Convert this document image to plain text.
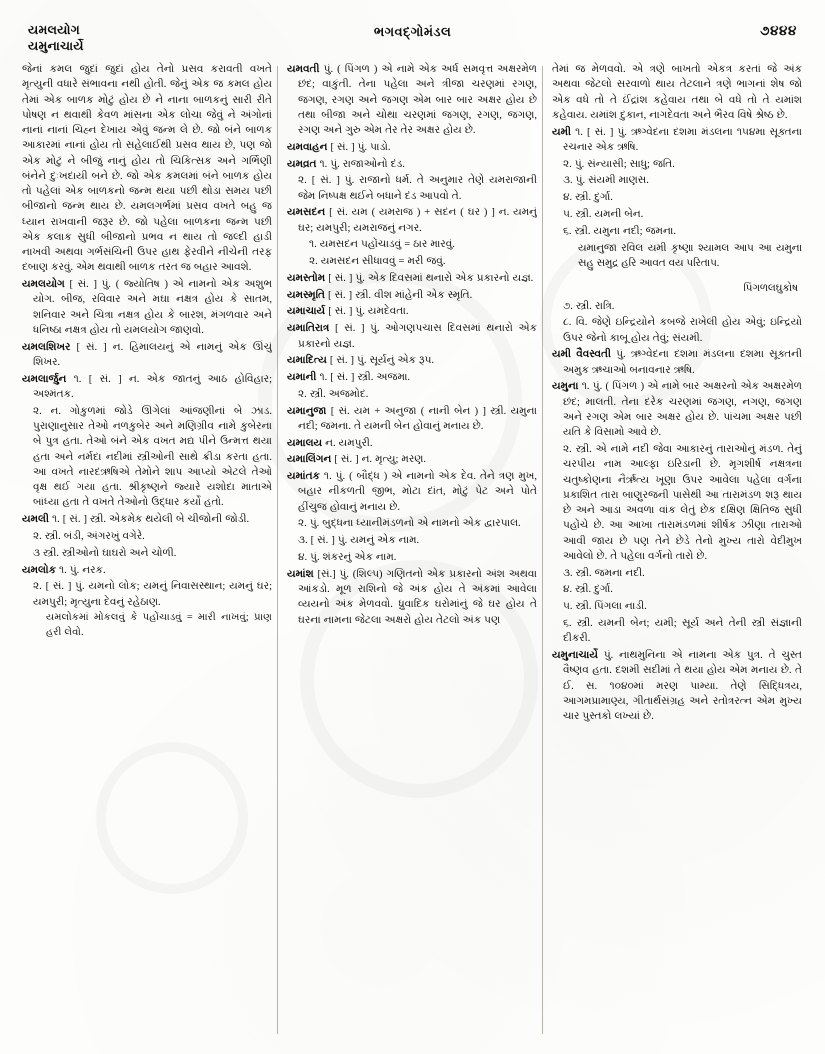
યમલયોગ
યમુનાચાર્યે
ભગવદ્ગોમંડલ	૭૪૪૪

જેનાં કમલ જુદાં જુદાં હોય તેનો પ્રસવ કરાવતી વખતે મૃત્યુની વધારે સંભાવના નથી હોતી. જેનું એક જ કમલ હોય તેમાં એક બાળક મોટું હોય છે ને નાના બાળકનું સારી રીતે પોષણ ન થવાથી કેવળ માંસના એક લોચા જેવું ને અંગોનાં નાનાં નાનાં ચિહ્ન દેખાય એવું જન્મ લે છે. જો બંને બાળક આકારમાં નાનાં હોય તો સહેલાઈથી પ્રસવ થાય છે, પણ જો એક મોટું ને બીજું નાનું હોય તો ચિકિત્સક અને ગર્ભિણી બંનેને દુઃખદાયી બને છે. જો એક કમલમાં બંને બાળક હોય તો પહેલાં એક બાળકનો જન્મ થયા પછી થોડા સમય પછી બીજાનો જન્મ થાય છે. યમલગર્ભમાં પ્રસવ વખતે બહુ જ ધ્યાન રાખવાની જરૂર છે. જો પહેલા બાળકના જન્મ પછી એક કલાક સુધી બીજાનો પ્રભવ ન થાય તો જલ્દી હાડી નાખવી અથવા ગર્ભસંચિની ઉપર હાથ ફેરવીને નીચેની તરફ દબાણ કરવું. એમ થવાથી બાળક તરત જ બહાર આવશે.

યમલયોગ [ સં. ] પું. ( જ્યોતિષ ) એ નામનો એક અશુભ યોગ. બીજ, રવિવાર અને મઘા નક્ષત્ર હોય કે સાતમ, શનિવાર અને ચિત્રા નક્ષત્ર હોય કે બારશ, મંગળવાર અને ધનિષ્ઠા નક્ષત્ર હોય તો યમલયોગ જાણવો.

યમલશિખર [ સં. ] ન. હિમાલયનું એ નામનું એક ઊંચું શિખર.

યમલાર્જુન ૧. [ સં. ] ન. એક જાતનું આઠ હોવિહાર; અશ્મંતક.

૨. ન. ગોકુળમાં જોડે ઊગેલાં આંજણીનાં બે ઝાડ. પુરાણાનુસાર તેઓ નળકુબેર અને મણિગ્રીવ નામે કુબેરના બે પુત્ર હતા. તેઓ બંને એક વખત મદ્ય પીને ઉન્મત્ત થયા હતા અને નર્મદા નદીમાં સ્ત્રીઓની સાથે ક્રીડા કરતા હતા. આ વખતે નારદઋષિએ તેમોને શાપ આપ્યો એટલે તેઓ વૃક્ષ થઈ ગયા હતા. શ્રીકૃષ્ણને જ્યારે યશોદા માતાએ બાંધ્યા હતા તે વખતે તેઓનો ઉદ્ધાર કર્યો હતો.

યમલી ૧. [ સં. ] સ્ત્રી. એકમેક થયેલી બે ચીજોની જોડી.

૨. સ્ત્રી. બંડી, અંગરખું વગેરે.

૩ સ્ત્રી. સ્ત્રીઓનો ઘાઘરો અને ચોળી.

યમલોક ૧. પું. નરક.

૨. [ સં. ] પું. યમનો લોક; યમનું નિવાસસ્થાન; યમનું ઘર; યમપુરી; મૃત્યુના દેવનું રહેઠાણ.

યમલોકમાં મોકલવું કે પહોંચાડવું = મારી નાખવું; પ્રાણ હરી લેવો.

યમવતી પું. ( પિંગળ ) એ નામે એક અર્ધ સમવૃત્ત અક્ષરમેળ છંદ; વાકુંતી. તેના પહેલા અને ત્રીજા ચરણમાં રગણ, જગણ, રગણ અને જગણ એમ બાર બાર અક્ષર હોય છે તથા બીજા અને ચોથા ચરણમાં જગણ, રગણ, જગણ, રગણ અને ગુરુ એમ તેર તેર અક્ષર હોય છે.

યમવાહન [ સં. ] પું. પાડો.

યમવ્રત ૧. પું. રાજાઓનો દંડ.

૨. [ સં. ] પું. રાજાનો ધર્મ. તે અનુમાર તેણે યમરાજાની જેમ નિષ્પક્ષ થઈને બધાને દંડ આપવો તે.

યમસદન [ સં. યમ ( યમરાજ ) + સદન ( ઘર ) ] ન. યમનું ઘર; યમપુરી; યમરાજનું નગર.

૧. યમસદન પહોંચાડવું = ઠાર મારવું.

૨. યમસદન સીધાવવું = મરી જવું.

યમસ્તોમ [ સં. ] પું. એક દિવસમાં થનારો એક પ્રકારનો યજ્ઞ.

યમસ્મૃતિ [ સં. ] સ્ત્રી. વીશ માંહેની એક સ્મૃતિ.

યમાચાર્ય [ સં. ] પું. યમદેવતા.

યમાતિરાત્ર [ સં. ] પું. ઓગણપચાસ દિવસમાં થનારો એક પ્રકારનો યજ્ઞ.

યમાદિત્ય [ સં. ] પું. સૂર્યનું એક રૂપ.

યમાની ૧. [ સં. ] સ્ત્રી. અજમા.

૨. સ્ત્રી. અજમોદ.

યમાનુજા [ સં. યમ + અનુજા ( નાની બેન ) ] સ્ત્રી. યમુના નદી; જમના. તે યમની બેન હોવાનું મનાય છે.

યમાલય ન. યમપુરી.

યમાલિંગન [ સં. ] ન. મૃત્યુ; મરણ.

યમાંતક ૧. પું. ( બૌદ્ધ ) એ નામનો એક દેવ. તેને ત્રણ મુખ, બહાર નીકળતી જીભ, મોટા દાંત, મોટું પેટ અને પોતે હીંચુજ હોવાનું મનાય છે.

૨. પું. બુદ્ધના ધ્યાનીમંડળનો એ નામનો એક દ્વારપાલ.

૩. [ સં. ] પું. યમનું એક નામ.

૪. પું. શંકરનું એક નામ.

યમાંશ [સં.] પું. (શિલ્પ) ગણિતનો એક પ્રકારનો અંશ અથવા આંકડો. મૂળ રાશિનો જે અંક હોય તે અંકમાં આવેલા વ્યયનો અંક મેળવવો. ધ્રુવાદિક ઘરોમાંનું જે ઘર હોય તે ઘરના નામના જેટલા અક્ષરો હોય તેટલો અંક પણ

તેમાં જ મેળવવો. એ ત્રણે બાખતો એકત્ર કરતાં જે અંક અથવા જેટલો સરવાળો થાય તેટલાને ત્રણે ભાગનાં શેષ જો એક વધે તો તે ઈંદ્રાંશ કહેવાય તથા બે વધે તો તે યમાંશ કહેવાય. યમાંશ દુકાન, નાગદેવતા અને ભૈરવ વિષે શ્રેષ્ઠ છે.

યમી ૧. [ સં. ] પું. ઋગ્વેદના દશમા મંડલના ૧૫૪મા સૂક્તના રચનાર એક ઋષિ.

૨. પું. સંન્યાસી; સાધુ; જતિ.

૩. પું. સંયમી માણસ.

૪. સ્ત્રી. દુર્ગા.

૫. સ્ત્રી. યમની બેન.

૬. સ્ત્રી. યમુના નદી; જમના.

યમાનુજા રવિલ યમી કૃષ્ણા શ્યામલ આપ આ યમુના સહુ સમુદ્ર હરિ આવત વય પરિતાપ.

પિંગળલઘુકોષ

૭. સ્ત્રી. રાત્રિ.

૮. વિ. જેણે ઇન્દ્રિયોને કબજે રાખેલી હોય એવું; ઇન્દ્રિયો ઉપર જેનો કાબૂ હોય તેવું; સંયમી.

યમી વૈવસ્વતી પું. ઋગ્વેદના દશમા મંડલના દશમા સૂક્તની અમુક ઋચાઓ બનાવનાર ઋષિ.

યમુના ૧. પું. ( પિંગળ ) એ નામે બાર અક્ષરનો એક અક્ષરમેળ છંદ; માલતી. તેના દરેક ચરણમાં જગણ, નગણ, જગણ અને રગણ એમ બાર અક્ષર હોય છે. પાંચમા અક્ષર પછી યતિ કે વિસામો આવે છે.

૨. સ્ત્રી. એ નામે નદી જેવા આકારનું તારાઓનું મંડળ. તેનું ચરપીય નામ આલ્ફા ઇરિડાની છે. મૃગશીર્ષ નક્ષત્રના ચતુષ્કોણના નૈર્ઋત્ય ખૂણા ઉપર આવેલા પહેલા વર્ગના પ્રકાશિત તારા બાણુરજની પાસેથી આ તારામંડળ શરૂ થાય છે અને આડા અવળા વાંક લેતું છેક દક્ષિણ ક્ષિતિજ સુધી પહોંચે છે. આ આખા તારામંડળમાં શીર્ષક ઝીણા તારાઓ આવી જાય છે પણ તેને છેડે તેનો મુખ્ય તારો વેદીમુખ આવેલો છે. તે પહેલા વર્ગનો તારો છે.

૩. સ્ત્રી. જમના નદી.

૪. સ્ત્રી. દુર્ગા.

૫. સ્ત્રી. પિંગલા નાડી.

૬. સ્ત્રી. યમની બેન; યમી; સૂર્ય અને તેની સ્ત્રી સંજ્ઞાની દીકરી.

યમુનાચાર્યે પું. નાથમુનિના એ નામના એક પુત્ર. તે ચુસ્ત વૈષ્ણવ હતા. દશમી સદીમાં તે થયા હોય એમ મનાય છે. તે ઈ. સ. ૧૦૪૦માં મરણ પામ્યા. તેણે સિદ્ધિત્રય, આગમપ્રામાણ્ય, ગીતાર્થસંગ્રહ અને રતોત્રરત્ન એમ મુખ્ય ચાર પુસ્તકો લખ્યાં છે.
